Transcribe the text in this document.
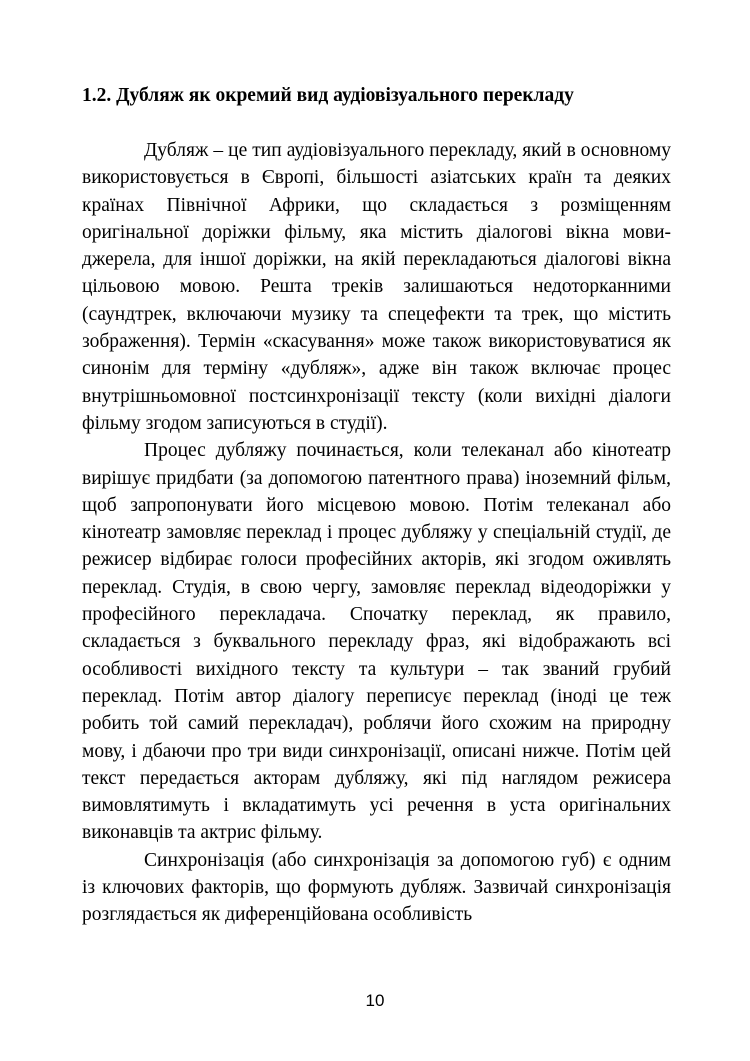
1.2. Дубляж як окремий вид аудіовізуального перекладу

Дубляж – це тип аудіовізуального перекладу, який в основному використовується в Європі, більшості азіатських країн та деяких країнах Північної Африки, що складається з розміщенням оригінальної доріжки фільму, яка містить діалогові вікна мови-джерела, для іншої доріжки, на якій перекладаються діалогові вікна цільовою мовою. Решта треків залишаються недоторканними (саундтрек, включаючи музику та спецефекти та трек, що містить зображення). Термін «скасування» може також використовуватися як синонім для терміну «дубляж», адже він також включає процес внутрішньомовної постсинхронізації тексту (коли вихідні діалоги фільму згодом записуються в студії).

Процес дубляжу починається, коли телеканал або кінотеатр вирішує придбати (за допомогою патентного права) іноземний фільм, щоб запропонувати його місцевою мовою. Потім телеканал або кінотеатр замовляє переклад і процес дубляжу у спеціальній студії, де режисер відбирає голоси професійних акторів, які згодом оживлять переклад. Студія, в свою чергу, замовляє переклад відеодоріжки у професійного перекладача. Спочатку переклад, як правило, складається з буквального перекладу фраз, які відображають всі особливості вихідного тексту та культури – так званий грубий переклад. Потім автор діалогу переписує переклад (іноді це теж робить той самий перекладач), роблячи його схожим на природну мову, і дбаючи про три види синхронізації, описані нижче. Потім цей текст передається акторам дубляжу, які під наглядом режисера вимовлятимуть і вкладатимуть усі речення в уста оригінальних виконавців та актрис фільму.

Синхронізація (або синхронізація за допомогою губ) є одним із ключових факторів, що формують дубляж. Зазвичай синхронізація розглядається як диференційована особливість

10
